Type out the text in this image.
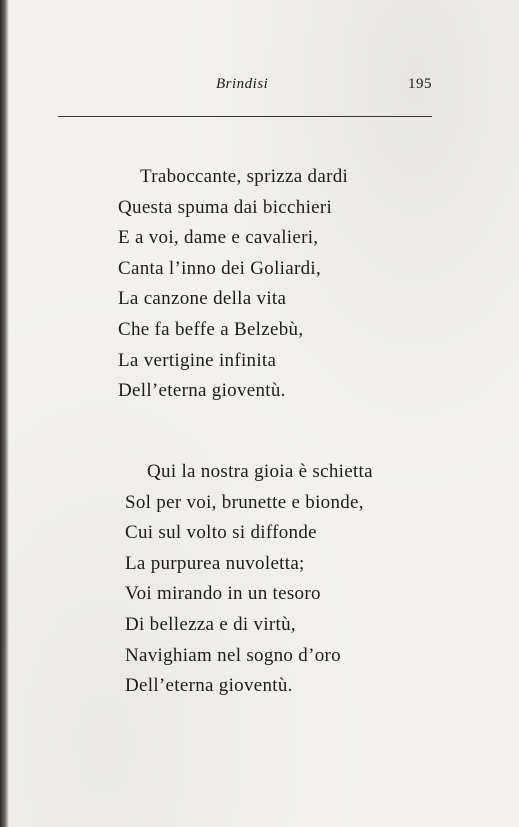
Brindisi	195
Traboccante, sprizza dardi
Questa spuma dai bicchieri
E a voi, dame e cavalieri,
Canta l’inno dei Goliardi,
La canzone della vita
Che fa beffe a Belzebù,
La vertigine infinita
Dell’eterna gioventù.
Qui la nostra gioia è schietta
Sol per voi, brunette e bionde,
Cui sul volto si diffonde
La purpurea nuvoletta;
Voi mirando in un tesoro
Di bellezza e di virtù,
Navighiam nel sogno d’oro
Dell’eterna gioventù.
